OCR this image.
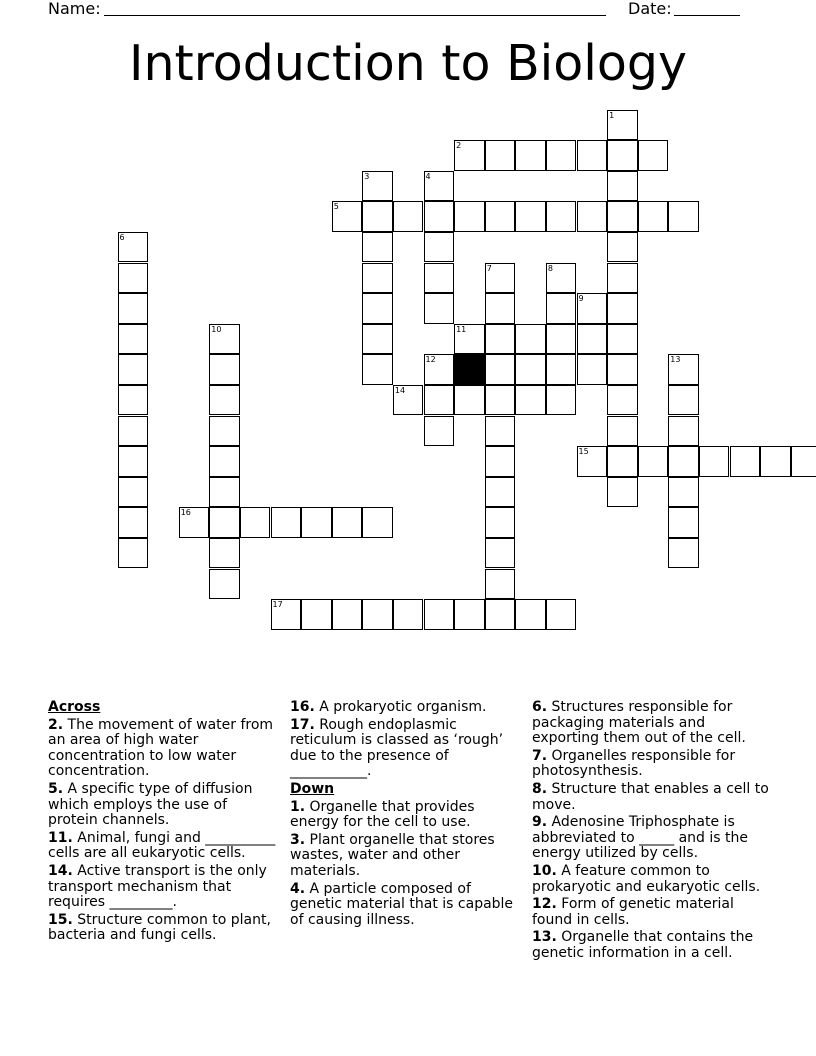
Name:	Date:
Introduction to Biology
1
2
3	4
5
6
7	8
9
10	11
12	13
14
15
16
17
Across
2. The movement of water from an area of high water concentration to low water concentration.
5. A specific type of diffusion which employs the use of protein channels.
11. Animal, fungi and __________ cells are all eukaryotic cells.
14. Active transport is the only transport mechanism that requires _________.
15. Structure common to plant, bacteria and fungi cells.
16. A prokaryotic organism.
17. Rough endoplasmic reticulum is classed as ‘rough’ due to the presence of ___________.
Down
1. Organelle that provides energy for the cell to use.
3. Plant organelle that stores wastes, water and other materials.
4. A particle composed of genetic material that is capable of causing illness.
6. Structures responsible for packaging materials and exporting them out of the cell.
7. Organelles responsible for photosynthesis.
8. Structure that enables a cell to move.
9. Adenosine Triphosphate is abbreviated to _____ and is the energy utilized by cells.
10. A feature common to prokaryotic and eukaryotic cells.
12. Form of genetic material found in cells.
13. Organelle that contains the genetic information in a cell.
